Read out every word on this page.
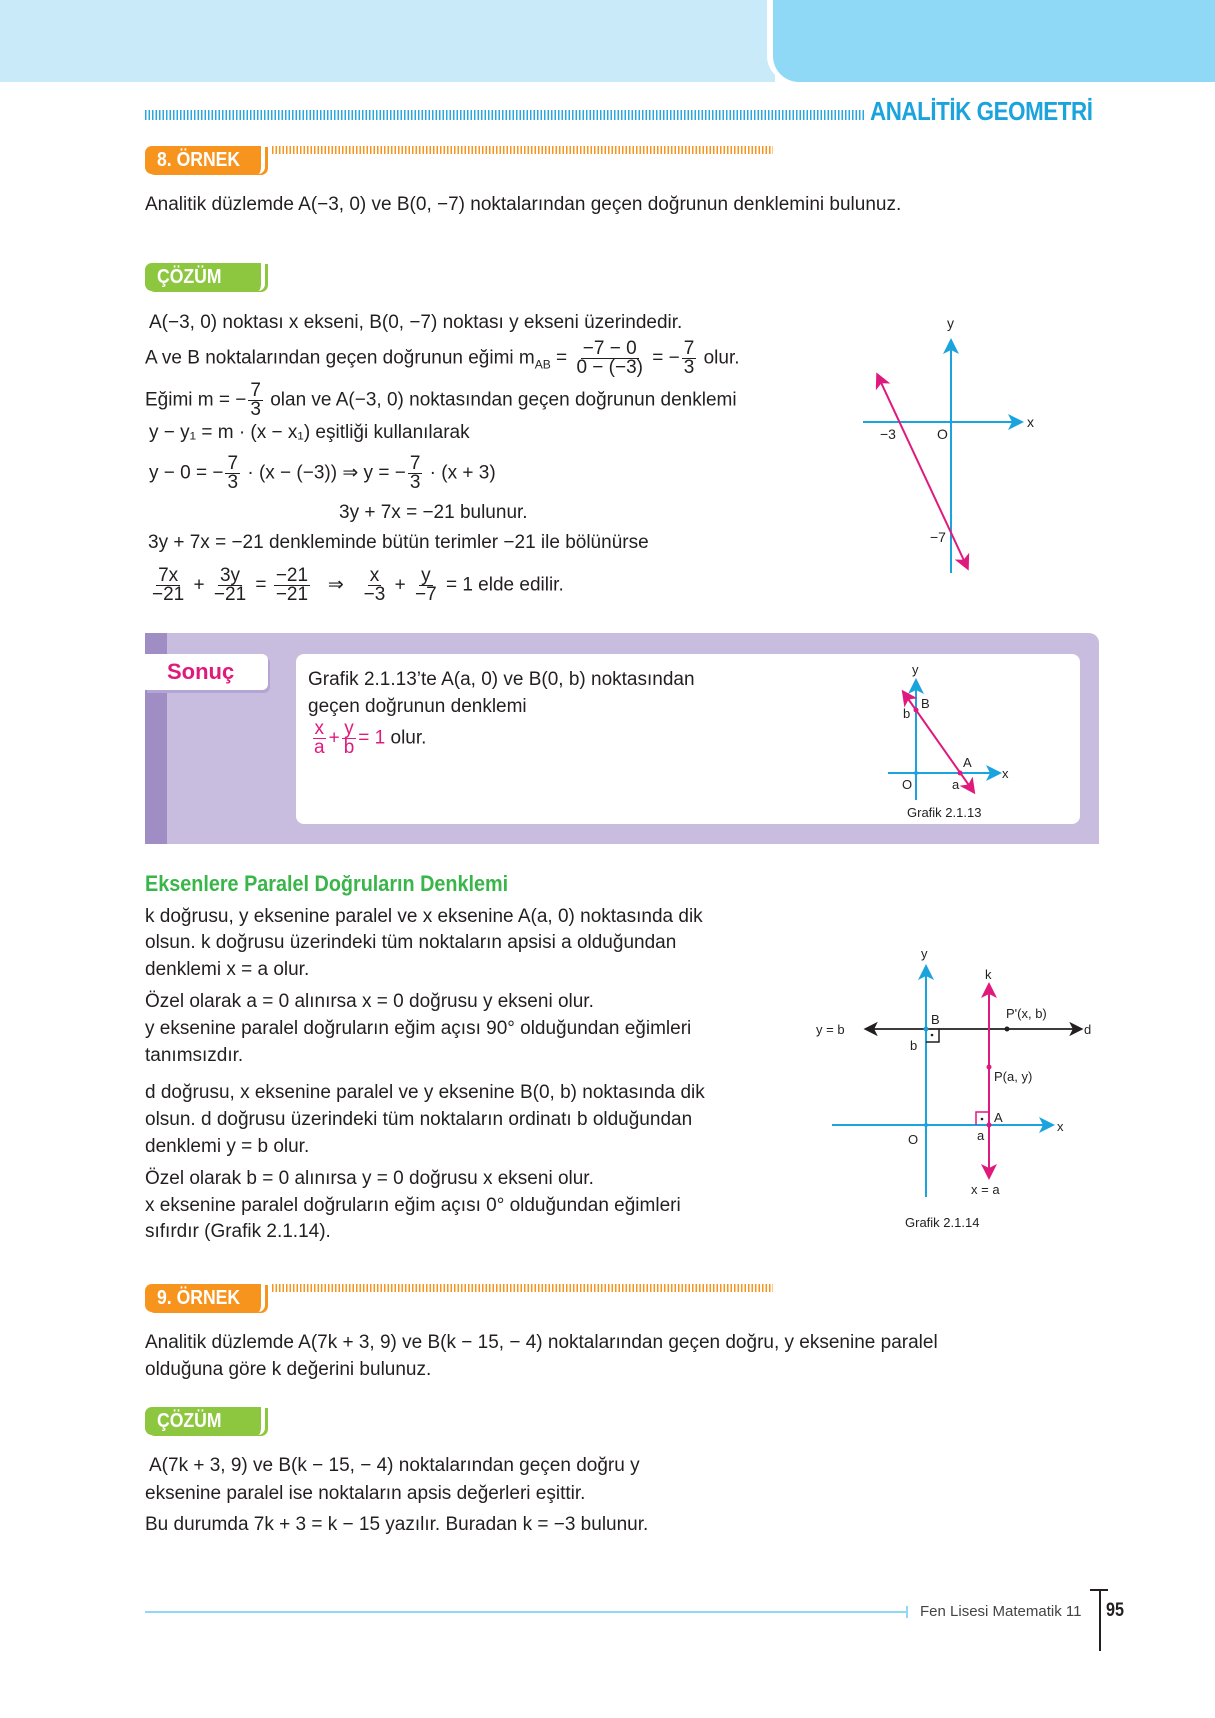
ANALİTİK GEOMETRİ
8. ÖRNEK
Analitik düzlemde A(−3, 0) ve B(0, −7) noktalarından geçen doğrunun denklemini bulunuz.
ÇÖZÜM
A(−3, 0) noktası x ekseni, B(0, −7) noktası y ekseni üzerindedir.
A ve B noktalarından geçen doğrunun eğimi $m_{AB} = \frac{-7 - 0}{0 - (-3)}$ = − $\frac{7}{3}$ olur.
Eğimi m = − $\frac{7}{3}$ olan ve A(−3, 0) noktasından geçen doğrunun denklemi
y − y₁ = m · (x − x₁) eşitliği kullanılarak
y − 0 = − $\frac{7}{3} \cdot (x - (-3))$ ⇒ y = − $\frac{7}{3} \cdot (x + 3)$
3y + 7x = −21 bulunur.
3y + 7x = −21 denkleminde bütün terimler −21 ile bölünürse
$\frac{7x}{-21} + \frac{3y}{-21} = \frac{-21}{-21}$ ⇒ $\frac{x}{-3} + \frac{y}{-7} = 1$ elde edilir.
y
x
O
−3
−7
Sonuç	Grafik 2.1.13’te A(a, 0) ve B(0, b) noktasından
geçen doğrunun denklemi
$\frac{x}{a} + \frac{y}{b} = 1$ olur.
y
x
B
b
A
O	a
Grafik 2.1.13
Eksenlere Paralel Doğruların Denklemi
k doğrusu, y eksenine paralel ve x eksenine A(a, 0) noktasında dik
olsun. k doğrusu üzerindeki tüm noktaların apsisi a olduğundan
denklemi x = a olur.
Özel olarak a = 0 alınırsa x = 0 doğrusu y ekseni olur.
y eksenine paralel doğruların eğim açısı 90° olduğundan eğimleri
tanımsızdır.
d doğrusu, x eksenine paralel ve y eksenine B(0, b) noktasında dik
olsun. d doğrusu üzerindeki tüm noktaların ordinatı b olduğundan
denklemi y = b olur.
Özel olarak b = 0 alınırsa y = 0 doğrusu x ekseni olur.
x eksenine paralel doğruların eğim açısı 0° olduğundan eğimleri
sıfırdır (Grafik 2.1.14).
y
k
B
b
y = b	d
P'(x, b)
P(a, y)
A
a
O
x
x = a
Grafik 2.1.14
9. ÖRNEK
Analitik düzlemde A(7k + 3, 9) ve B(k − 15, − 4) noktalarından geçen doğru, y eksenine paralel
olduğuna göre k değerini bulunuz.
ÇÖZÜM
A(7k + 3, 9) ve B(k − 15, − 4) noktalarından geçen doğru y
eksenine paralel ise noktaların apsis değerleri eşittir.
Bu durumda 7k + 3 = k − 15 yazılır. Buradan k = −3 bulunur.
Fen Lisesi Matematik 11 95
